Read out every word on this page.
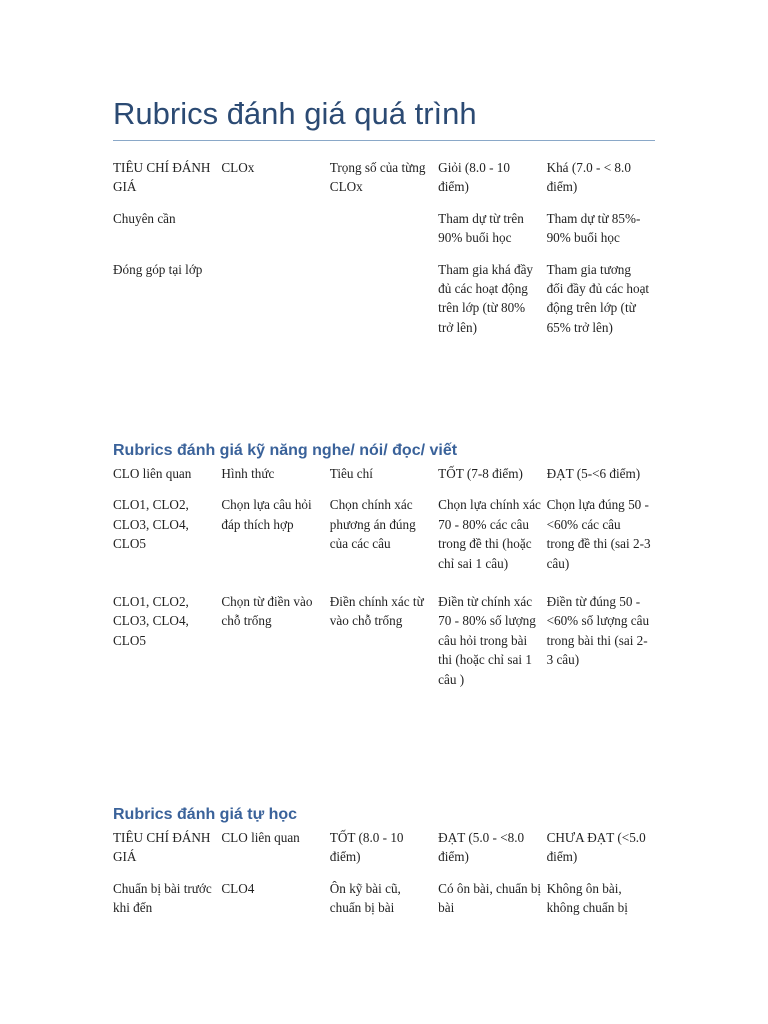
Rubrics đánh giá quá trình
TIÊU CHÍ ĐÁNH GIÁ	CLOx	Trọng số của từng CLOx	Giỏi (8.0 - 10 điểm)	Khá (7.0 - < 8.0 điểm)
Chuyên cần			Tham dự từ trên 90% buổi học	Tham dự từ 85%- 90% buổi học
Đóng góp tại lớp			Tham gia khá đầy đủ các hoạt động trên lớp (từ 80% trở lên)	Tham gia tương đối đầy đủ các hoạt động trên lớp (từ 65% trở lên)
Rubrics đánh giá kỹ năng nghe/ nói/ đọc/ viết
CLO liên quan	Hình thức	Tiêu chí	TỐT (7-8 điểm)	ĐẠT (5-<6 điểm)
CLO1, CLO2, CLO3, CLO4, CLO5	Chọn lựa câu hỏi đáp thích hợp	Chọn chính xác phương án đúng của các câu	Chọn lựa chính xác 70 - 80% các câu trong đề thi (hoặc chỉ sai 1 câu)	Chọn lựa đúng 50 -<60% các câu trong đề thi (sai 2-3 câu)
CLO1, CLO2, CLO3, CLO4, CLO5	Chọn từ điền vào chỗ trống	Điền chính xác từ vào chỗ trống	Điền từ chính xác 70 - 80% số lượng câu hỏi trong bài thi (hoặc chỉ sai 1 câu )	Điền từ đúng 50 -<60% số lượng câu trong bài thi (sai 2-3 câu)
Rubrics đánh giá tự học
TIÊU CHÍ ĐÁNH GIÁ	CLO liên quan	TỐT (8.0 - 10 điểm)	ĐẠT (5.0 - <8.0 điểm)	CHƯA ĐẠT (<5.0 điểm)
Chuẩn bị bài trước khi đến	CLO4	Ôn kỹ bài cũ, chuẩn bị bài	Có ôn bài, chuẩn bị bài	Không ôn bài, không chuẩn bị
